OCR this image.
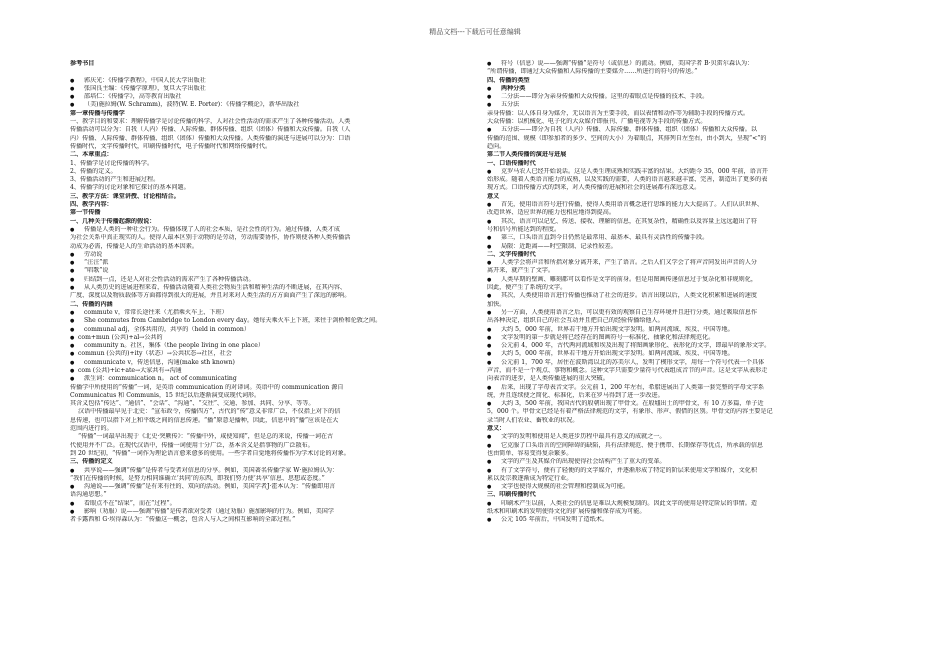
精品文档---下载后可任意编辑
参考书目

● 郭庆光：《传播学教程》，中国人民大学出版社
● 张国良主编：《传播学原理》，复旦大学出版社
● 邵培仁：《传播学》，高等教育出版社
● （美)施拉姆(W. Schramm)，波特(W. E. Porter)：《传播学概论》，新华出版社
第一章传播与传播学
一、教学目的和要求：理解传播学是讨论传播的科学，人对社会性活动的需求产生了各种传播活动。人类
传播活动可以分为：自我（人内）传播、人际传播、群体传播、组织（团体）传播和大众传播。自我（人
内）传播、人际传播、群体传播、组织（团体）传播和大众传播。人类传播的演进与进展可以分为：口语
传播时代，文字传播时代，印刷传播时代，电子传播时代和网络传播时代。
二、本章重点：
1、传播学是讨论传播的科学。
2、传播的定义。
3、传播活动的产生和进展过程。
4、传播学的讨论对象和它探讨的基本问题。
三、教学方法：课堂讲授、讨论相结合。
四、教学内容：
第一节传播
一、几种关于传播起源的假说：
● 传播是人类的一种社会行为。传播体现了人的社会本质，是社会性的行为。通过传播，人类才成
为社会关系中真正现实的人。使得人最本区别于动物的是劳动，劳动需要协作，协作则使各种人类传播活
动成为必需，传播是人的生命活动的基本因素。
● 劳动说
● “汪汪”派
● “唱歌”说
● 归结到一点，还是人对社会性活动的需求产生了各种传播活动。
● 从人类历史的进展进程来看，传播活动随着人类社会物质生活和精神生活的不断进展，在其内容、
广度、深度以及物质载体等方面都得到很大的进展，并且对来对人类生活的方方面面产生了深远的影响。
二、传播的内涵
● commute v，常常长途往来（尤指乘火车上、下班）
● She commutes from Cambridge to London every day。她每天乘火车上下班，来往于剑桥和伦敦之间。
● communal adj，全体共用的，共享的（held in common）
● com+mun (公共)+al→公共的
● community n。社区，集体（the people living in one place）
● commun (公共的)+ity（状态）→公共状态→社区，社会
● communicate v，传送信息，沟通(make sth known)
● com (公共)+ic+ate→大家共有→沟通
● 派生词：communication n。 act of communicating
传播学中所使用的“传播”一词，是英语 communication 的对译词。英语中的 communication 源自
Communicatus 和 Communis，15 世纪以后逐渐演变成现代词形。
其含义包括“传达”、“通信”、“会话”、“沟通”、“交往”、交通、参加、共同、分享、等等。
汉语中传播最早见于北史：“宣布政令，传播四方”，古代的“传”意义非常广泛，不仅指上对下的信
息传递，也可以指下对上和平级之间的信息传递。“播”原意是播种，因此，信息中的“播”应该是在大
范围内进行的。
“传播”一词最早出现于《北史·突厥传》：“传播中外，咸使知闻”，但是总的来说，传播一词在古
代使用并不广泛。在现代汉语中，传播一词使用十分广泛，基本含义是指事物的广泛散布。
到 20 世纪初，“传播”一词作为理论语言愈来愈多的使用。一些学者自觉地将传播作为学术讨论的对象。
三、传播的定义
● 共享说——强调“传播”是传者与受者对信息的分享。例如，美国著名传播学家 W·施拉姆认为：
“我们在传播的时候，是努力相同谁确立‘共同’的东西，即我们努力使‘共享’信息、思想或态度。”
● 沟通说——强调“传播”是有来有往的、双向的活动。例如，美国学者J·霍本认为：“传播即用言
语沟通思想。”
● 看眼点不在“结果”，而在“过程”。
● 影响（劝服）说——强调“传播”是传者欲对受者（通过劝服）施加影响的行为。例如，美国学
者卡露西和 G·埃得森认为：“传播这一概念，包含人与人之间相互影响的全部过程。”
● 符号（信息）说——强调“传播”是符号（或信息）的流动。例如，美国学者 B·贝雷尔森认为：
“所谓传播，即通过大众传播和人际传播的主要媒介……所进行的符号的传送。”
四、传播的类型
● 两种分类
● 二分法——即分为亲身传播和大众传播。这里的着眼点是传播的技术、手段。
● 五分法
亲身传播：以人体自身为媒介，无以语言为主要手段，而以表情和动作等为辅助手段的传播方式。
大众传播：以机械化、电子化的大众媒介即报刊、广播电视等为手段的传播方式。
● 五分法——即分为自我（人内）传播、人际传播、群体传播、组织（团体）传播和大众传播。以
传播的范围、规模（即参加者的多少、空间的大小）为着眼点，其排列自左至右，由小到大，呈现“<”的
趋向。
第二节人类传播的演进与进展
一、口语传播时代
● 克罗马农人已经开始说话。这是人类生理成熟和实践丰富的结果。大约距今 35，000 年前，语言开
始形成。随着人类语言能力的成熟，以及实践的需要，人类的语言越来越丰富、完善，制造出了更多的表
现方式。口语传播方式的到来，对人类传播的进展和社会的进展都有深远意义。
意义
● 首先，使用语言符号进行传播，使得人类用语言概念进行思维的能力大大提高了。人们认识世界、
改造世界、适应世界的能力也相应地得到提高。
● 其次，语言可以记忆、传送、接收、理解的信息，在其复杂性，精确性以及容量上远远超出了符
号和信号所能达到的程度。
● 第三，口头语言直到今日仍然是最常用、最基本、最具有灵活性的传播手段。
● 局限：近距离——时空限制、记录性较差。
二、文字传播时代
● 人类学会将声音和所指对象分离开来，产生了语言。之后人们又学会了将声音同发出声音的人分
离开来，就产生了文字。
● 人类早期的壁画、雕刻都可以看作是文字的前身。但是用图画传递信息过于复杂化和非规则化，
因此，便产生了系统的文字。
● 其次，人类使用语言进行传播也推动了社会的进步。语言出现以后，人类文化积累和进展的速度
加快。
● 另一方面，人类使用语言之后，可以更有效的观察自己生存环境并且进行分类，通过吸取信息作
出各种决定，组织自己的社会互动并且把自己的经验传播给他人。
● 大约 5，000 年前，世界若干地方开始出现文字发明。如两河流域、埃及、中国等地。
● 文字发明的第一步就是将已经存在的图画符号一标准化、抽象化和法律规范化。
● 公元前 4，000 年，古代两河流域和埃及出现了将图画象形化、表形化的文字，即最早的象形文字。
● 大约 5，000 年前，世界若干地方开始出现文字发明。如两河流域、埃及、中国等地。
● 公元前 1，700 年，居住在波斯湾以北的苏美尔人，发明了楔形文字，用每一个符号代表一个具体
声音，而不是一个观点、事物和概念。这种文字只需要少量符号代表组成音节的声音。这是文字从表形走
向表音的进步，是人类传播进展的重大突破。
● 后来，出现了字母表音文字。公元前 1，200 年左右，希腊进展出了人类第一套完整的字母文字系
统，并且连续使之简化、标准化，后来在罗马得到了进一步改进。
● 大约 3，500 年前，我国古代的殷朝出现了甲骨文。在殷墟出土的甲骨文，有 10 万多篇，单子近
5，000 个。甲骨文已经是有着严格法律规范的文字，有象形、形声、假借的区别。甲骨文的内容主要是记
录当时人们农业、畜牧业的状况。
意义：
● 文字的发明和使用是人类进步历程中最具有意义的成就之一。
● 它克服了口头语言的空间障碍的缺陷，具有法律规范、便于携带、长期保存等优点，所承载的信息
也由简单、容易变得复杂繁多。
● 文字的产生及其媒介的出现使得社会结构产生了重大的变革。
● 有了文字符号，便有了轻便的的文字媒介，并逐渐形成了特定的阶层来使用文字和媒介，文化积
累以及宗教逐渐成为特定行业。
● 文字也使得大规模的社会管理和控制成为可能。
三、印刷传播时代
● 印刷术产生以前，人类社会的信息是难以大规模复制的。因此文字的使用是特定阶层的事情。造
纸术和印刷术的发明使得文化的扩展传播和保存成为可能。
● 公元 105 年前后，中国发明了造纸术。
